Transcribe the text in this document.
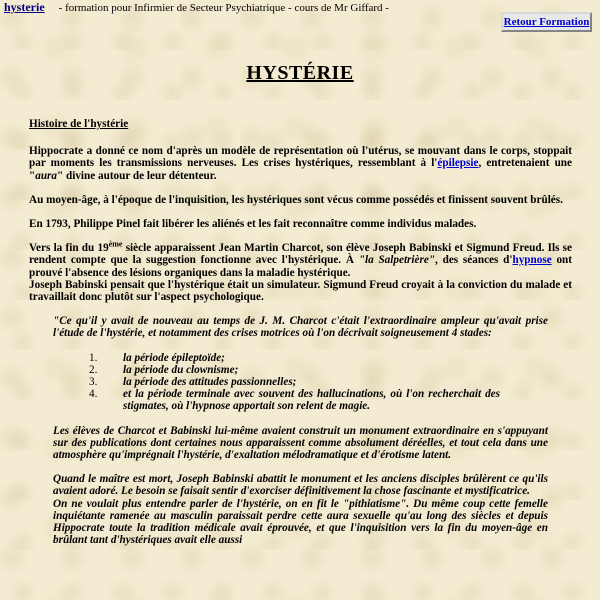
hysterie - formation pour Infirmier de Secteur Psychiatrique - cours de Mr Giffard -
Retour Formation
HYSTÉRIE

Histoire de l'hystérie

Hippocrate a donné ce nom d'après un modèle de représentation où l'utérus, se mouvant dans le corps, stoppait par moments les transmissions nerveuses. Les crises hystériques, ressemblant à l'épilepsie, entretenaient une "aura" divine autour de leur détenteur.

Au moyen-âge, à l'époque de l'inquisition, les hystériques sont vécus comme possédés et finissent souvent brûlés.

En 1793, Philippe Pinel fait libérer les aliénés et les fait reconnaître comme individus malades.

Vers la fin du 19ème siècle apparaissent Jean Martin Charcot, son élève Joseph Babinski et Sigmund Freud. Ils se rendent compte que la suggestion fonctionne avec l'hystérique. À "la Salpetrière", des séances d'hypnose ont prouvé l'absence des lésions organiques dans la maladie hystérique.

Joseph Babinski pensait que l'hystérique était un simulateur. Sigmund Freud croyait à la conviction du malade et travaillait donc plutôt sur l'aspect psychologique.

"Ce qu'il y avait de nouveau au temps de J. M. Charcot c'était l'extraordinaire ampleur qu'avait prise l'étude de l'hystérie, et notamment des crises motrices où l'on décrivait soigneusement 4 stades:

1.	la période épileptoïde;
2.	la période du clownisme;
3.	la période des attitudes passionnelles;
4.	et la période terminale avec souvent des hallucinations, où l'on recherchait des stigmates, où l'hypnose apportait son relent de magie.

Les élèves de Charcot et Babinski lui-même avaient construit un monument extraordinaire en s'appuyant sur des publications dont certaines nous apparaissent comme absolument déréelles, et tout cela dans une atmosphère qu'imprégnait l'hystérie, d'exaltation mélodramatique et d'érotisme latent.

Quand le maître est mort, Joseph Babinski abattit le monument et les anciens disciples brûlèrent ce qu'ils avaient adoré. Le besoin se faisait sentir d'exorciser définitivement la chose fascinante et mystificatrice.

On ne voulait plus entendre parler de l'hystérie, on en fit le "pithiatisme". Du même coup cette femelle inquiétante ramenée au masculin paraissait perdre cette aura sexuelle qu'au long des siècles et depuis Hippocrate toute la tradition médicale avait éprouvée, et que l'inquisition vers la fin du moyen-âge en brûlant tant d'hystériques avait elle aussi
